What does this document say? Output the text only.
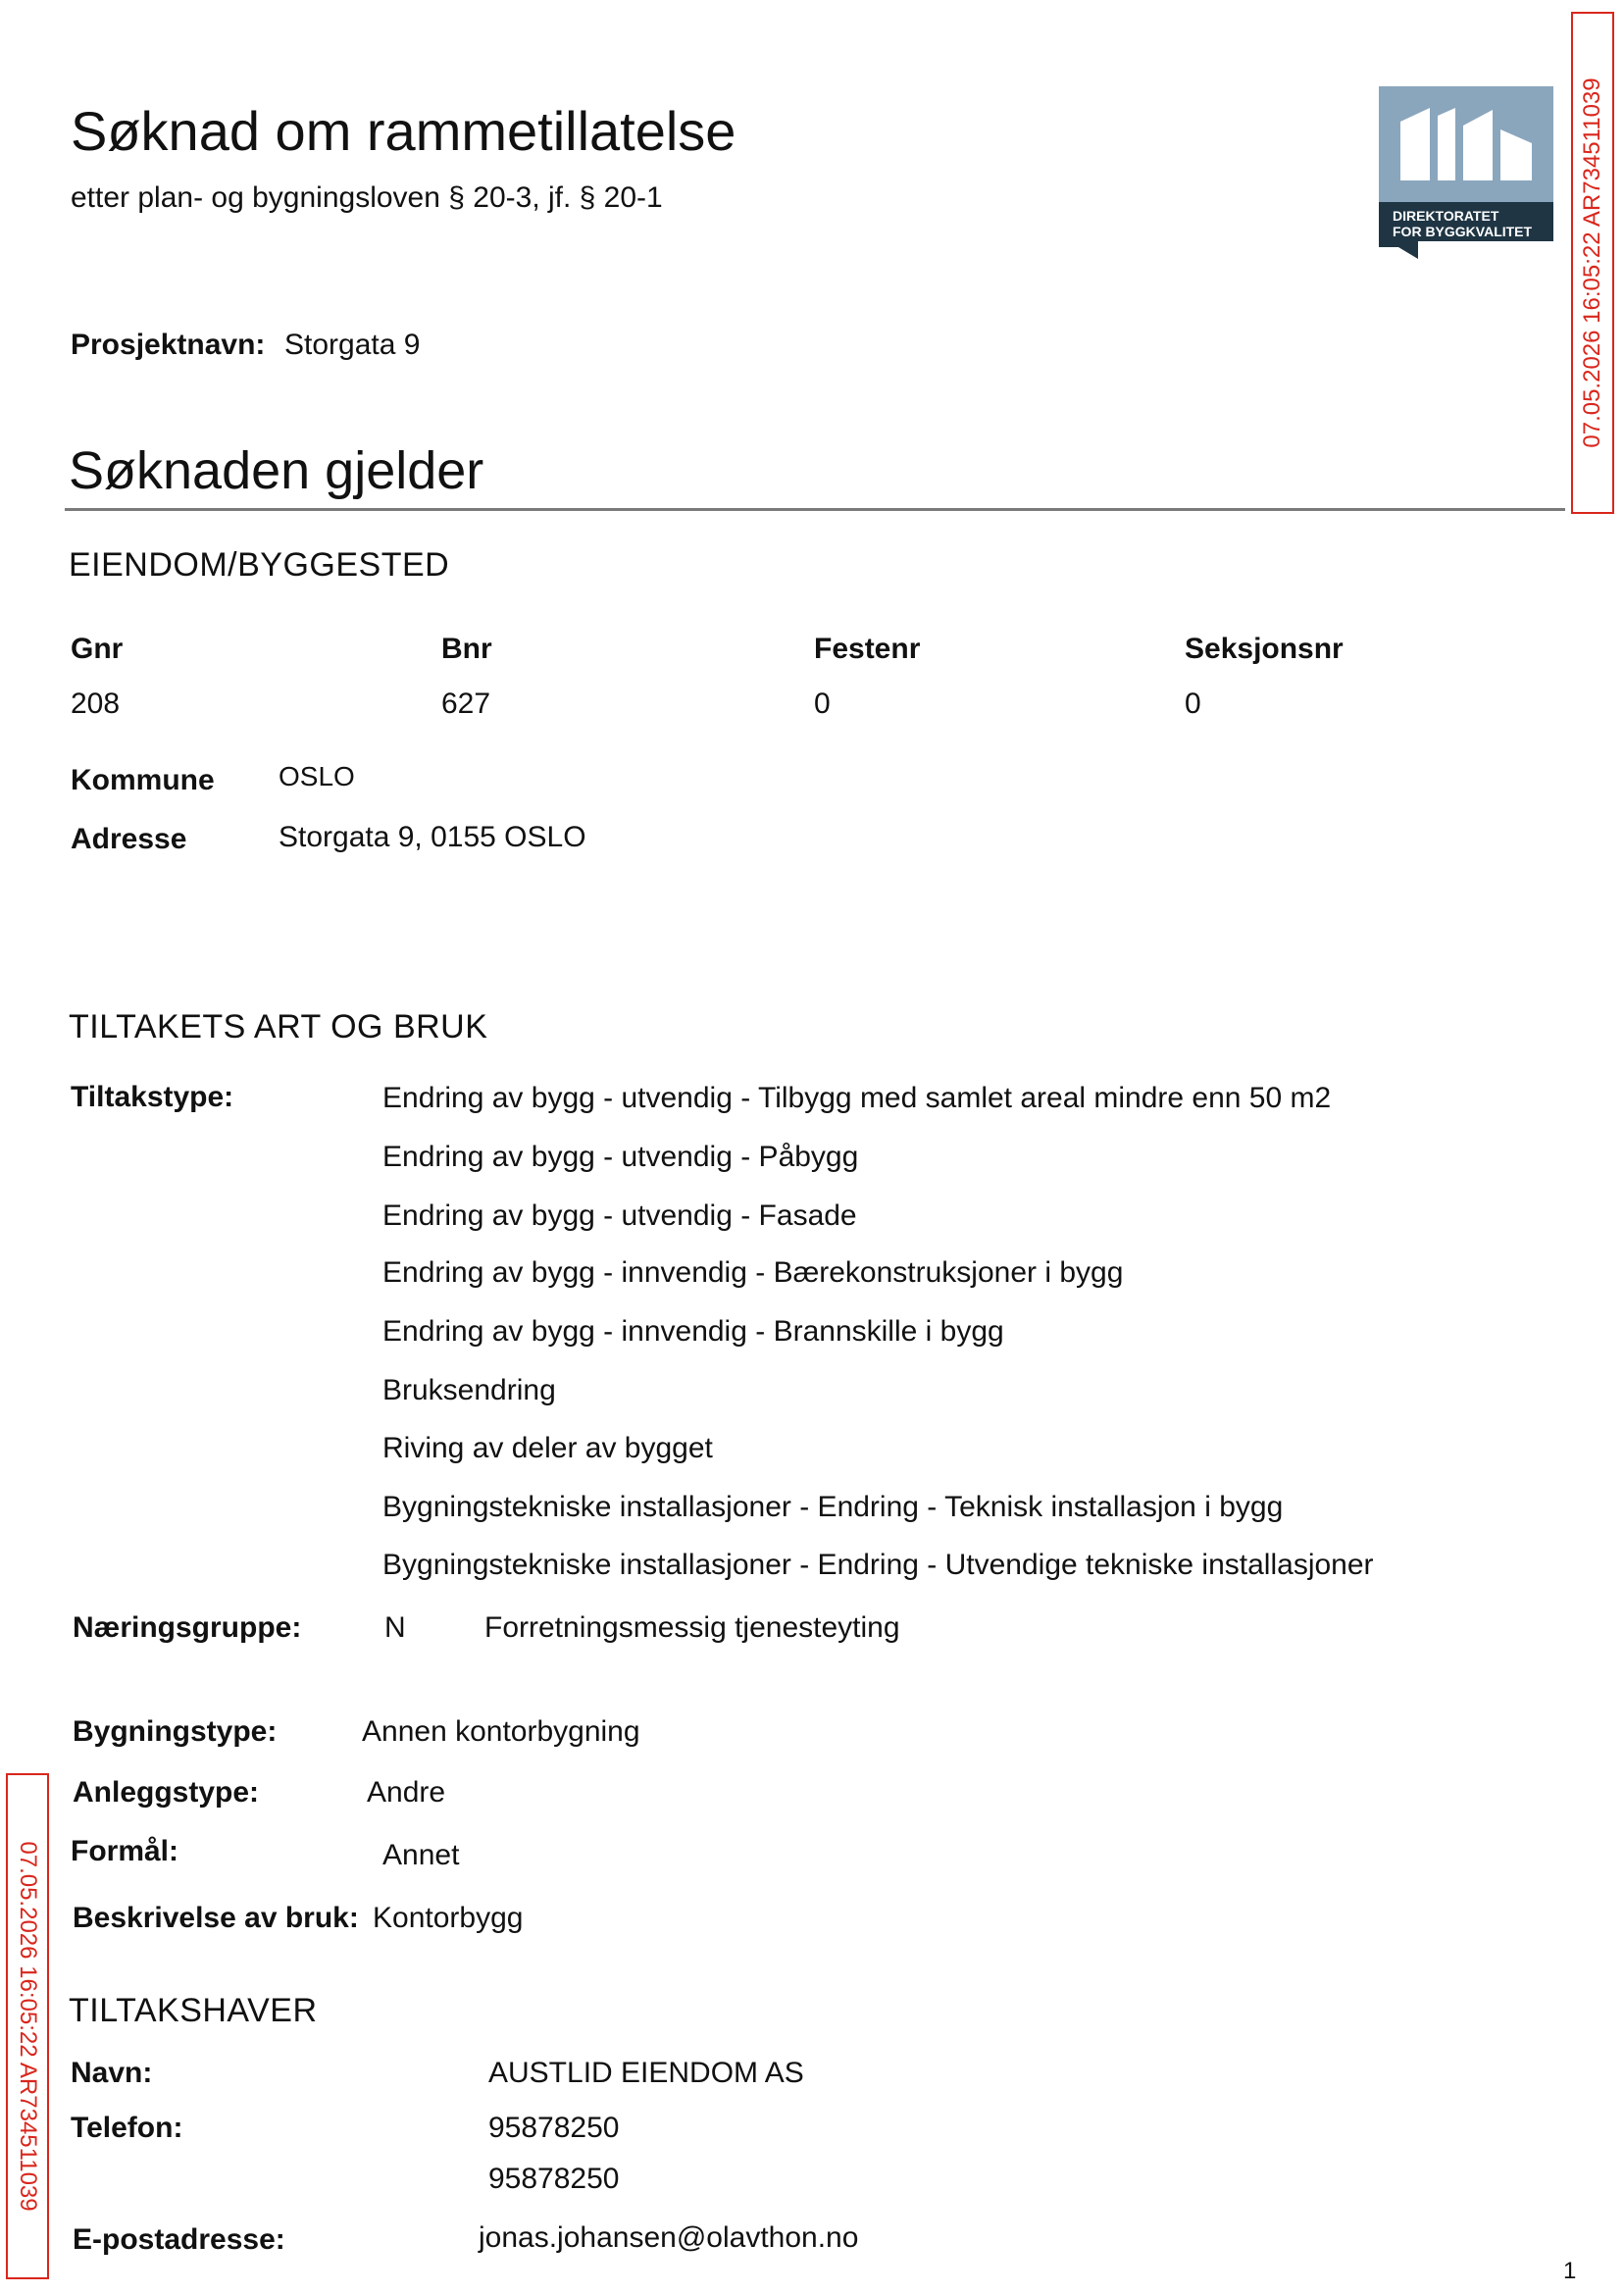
Søknad om rammetillatelse
etter plan- og bygningsloven § 20-3, jf. § 20-1
DIREKTORATET
FOR BYGGKVALITET 07.05.2026 16:05:22 AR734511039
07.05.2026 16:05:22 AR734511039
Prosjektnavn: Storgata 9
Søknaden gjelder
EIENDOM/BYGGESTED
Gnr	Bnr	Festenr	Seksjonsnr
208	627	0	0
Kommune OSLO
Adresse	Storgata 9, 0155 OSLO
TILTAKETS ART OG BRUK
Tiltakstype:	Endring av bygg - utvendig - Tilbygg med samlet areal mindre enn 50 m2
Endring av bygg - utvendig - Påbygg
Endring av bygg - utvendig - Fasade
Endring av bygg - innvendig - Bærekonstruksjoner i bygg
Endring av bygg - innvendig - Brannskille i bygg
Bruksendring
Riving av deler av bygget
Bygningstekniske installasjoner - Endring - Teknisk installasjon i bygg
Bygningstekniske installasjoner - Endring - Utvendige tekniske installasjoner
Næringsgruppe:	N	Forretningsmessig tjenesteyting
Bygningstype:	Annen kontorbygning
Anleggstype:	Andre
Formål:	Annet
Beskrivelse av bruk: Kontorbygg
TILTAKSHAVER
Navn:	AUSTLID EIENDOM AS
Telefon:	95878250
95878250
E-postadresse:	jonas.johansen@olavthon.no
1
